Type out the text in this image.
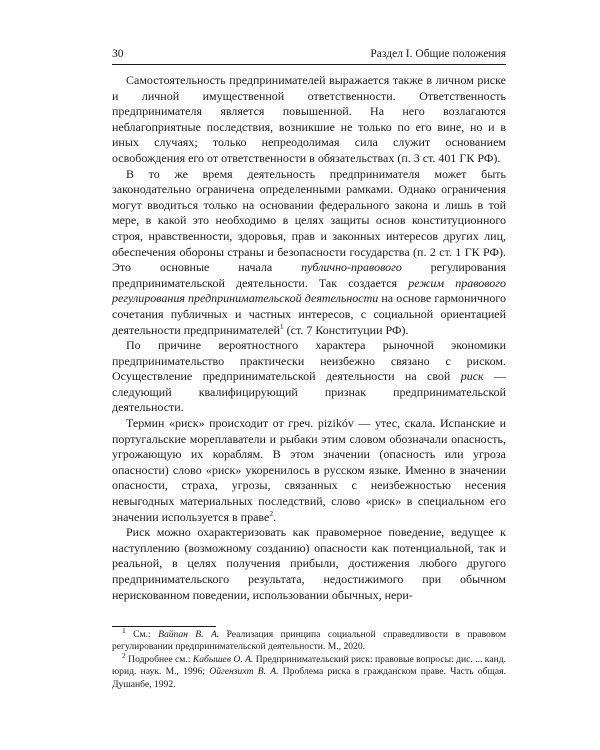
30	Раздел I. Общие положения

Самостоятельность предпринимателей выражается также в личном риске и личной имущественной ответственности. Ответственность предпринимателя является повышенной. На него возлагаются неблагоприятные последствия, возникшие не только по его вине, но и в иных случаях; только непреодолимая сила служит основанием освобождения его от ответственности в обязательствах (п. 3 ст. 401 ГК РФ).

В то же время деятельность предпринимателя может быть законодательно ограничена определенными рамками. Однако ограничения могут вводиться только на основании федерального закона и лишь в той мере, в какой это необходимо в целях защиты основ конституционного строя, нравственности, здоровья, прав и законных интересов других лиц, обеспечения обороны страны и безопасности государства (п. 2 ст. 1 ГК РФ). Это основные начала публично-правового регулирования предпринимательской деятельности. Так создается режим правового регулирования предпринимательской деятельности на основе гармоничного сочетания публичных и частных интересов, с социальной ориентацией деятельности предпринимателей$^1$ (ст. 7 Конституции РФ).

По причине вероятностного характера рыночной экономики предпринимательство практически неизбежно связано с риском. Осуществление предпринимательской деятельности на свой риск — следующий квалифицирующий признак предпринимательской деятельности.

Термин «риск» происходит от греч. pizikóv — утес, скала. Испанские и португальские мореплаватели и рыбаки этим словом обозначали опасность, угрожающую их кораблям. В этом значении (опасность или угроза опасности) слово «риск» укоренилось в русском языке. Именно в значении опасности, страха, угрозы, связанных с неизбежностью несения невыгодных материальных последствий, слово «риск» в специальном его значении используется в праве$^2$.

Риск можно охарактеризовать как правомерное поведение, ведущее к наступлению (возможному созданию) опасности как потенциальной, так и реальной, в целях получения прибыли, достижения любого другого предпринимательского результата, недостижимого при обычном нерискованном поведении, использовании обычных, нери-

$^1$ См.: Вайпан В. А. Реализация принципа социальной справедливости в правовом регулировании предпринимательской деятельности. М., 2020.

$^2$ Подробнее см.: Кабышев О. А. Предпринимательский риск: правовые вопросы: дис. ... канд. юрид. наук. М., 1996; Ойгензихт В. А. Проблема риска в гражданском праве. Часть общая. Душанбе, 1992.
